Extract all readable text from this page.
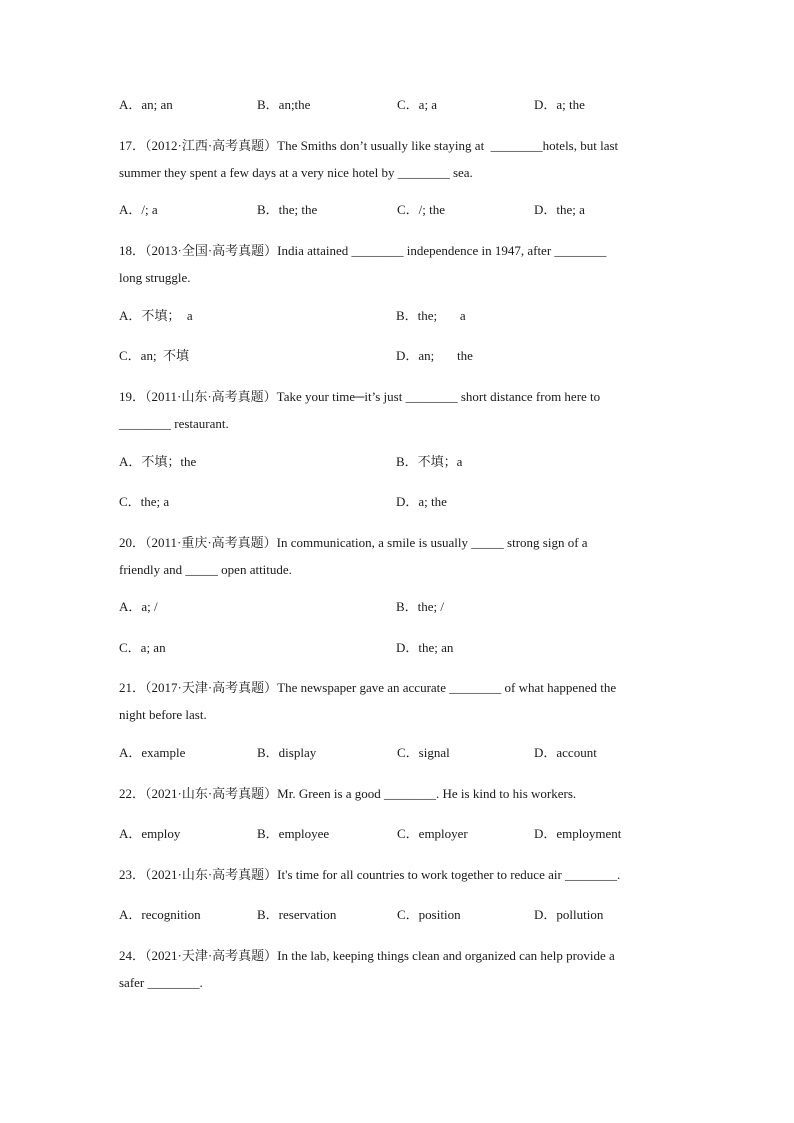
A．an; an	B．an;the	C．a; a	D．a; the
17．（2012·江西·高考真题）The Smiths don’t usually like staying at  ________hotels, but last
summer they spent a few days at a very nice hotel by ________ sea.
A．/; a	B．the; the	C．/; the	D．the; a
18．（2013·全国·高考真题）India attained ________ independence in 1947, after ________
long struggle.
A．不填；  a	B．the;       a
C．an;  不填	D．an;       the
19．（2011·山东·高考真题）Take your time─it’s just ________ short distance from here to
________ restaurant.
A．不填；the	B．不填；a
C．the; a	D．a; the
20．（2011·重庆·高考真题）In communication, a smile is usually _____ strong sign of a
friendly and _____ open attitude.
A．a; /	B．the; /
C．a; an	D．the; an
21．（2017·天津·高考真题）The newspaper gave an accurate ________ of what happened the
night before last.
A．example	B．display	C．signal	D．account
22．（2021·山东·高考真题）Mr. Green is a good ________. He is kind to his workers.
A．employ	B．employee	C．employer	D．employment
23．（2021·山东·高考真题）It's time for all countries to work together to reduce air ________.
A．recognition	B．reservation	C．position	D．pollution
24．（2021·天津·高考真题）In the lab, keeping things clean and organized can help provide a
safer ________.
